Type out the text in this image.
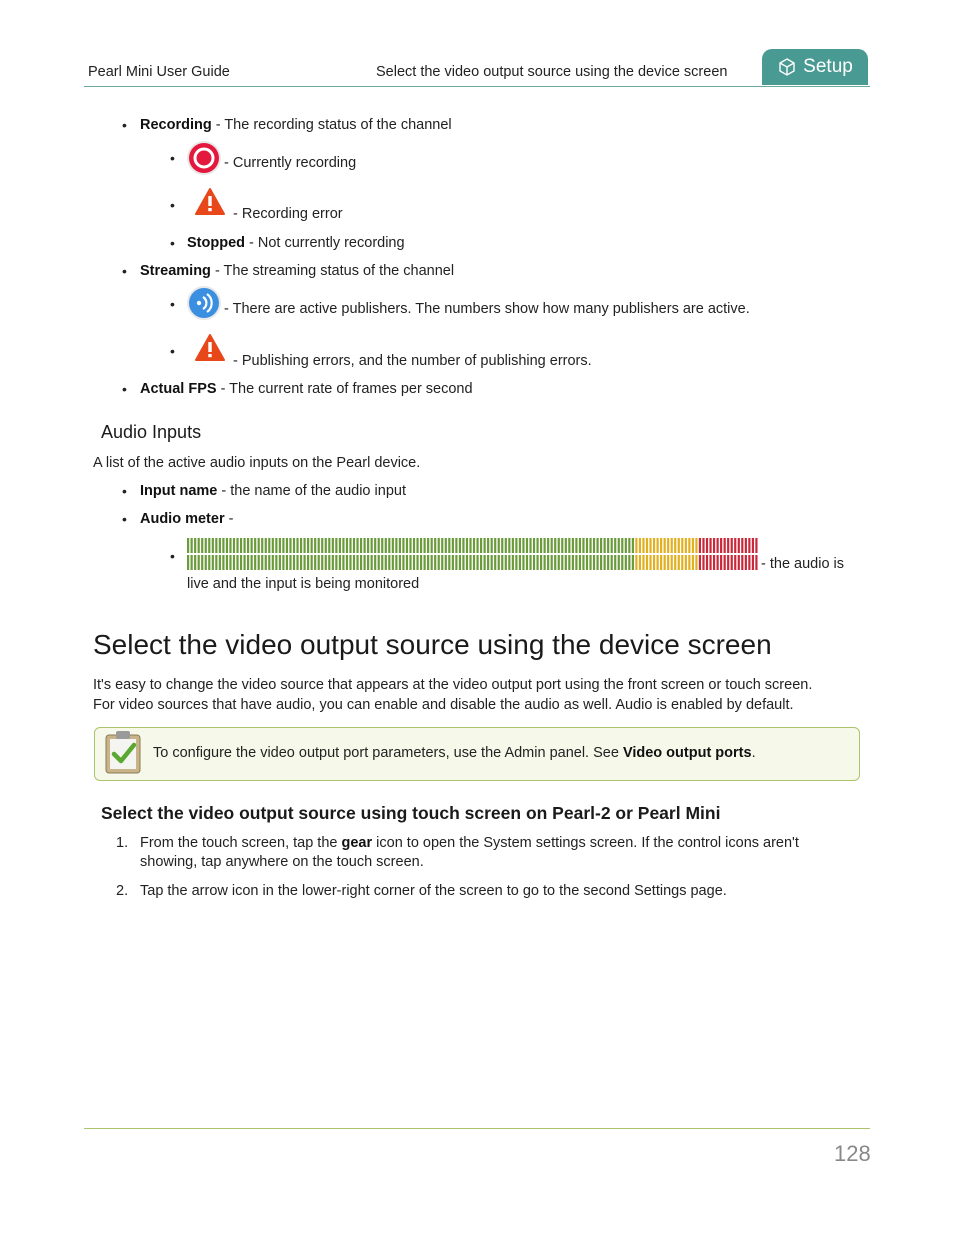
Pearl Mini User Guide	Select the video output source using the device screen	Setup
• Recording - The recording status of the channel
•	- Currently recording
•
- Recording error
• Stopped - Not currently recording
• Streaming - The streaming status of the channel
•	- There are active publishers. The numbers show how many publishers are active.
•
- Publishing errors, and the number of publishing errors.
• Actual FPS - The current rate of frames per second
Audio Inputs
A list of the active audio inputs on the Pearl device.
• Input name - the name of the audio input
• Audio meter -
•	- the audio is
live and the input is being monitored
Select the video output source using the device screen
It's easy to change the video source that appears at the video output port using the front screen or touch screen.
For video sources that have audio, you can enable and disable the audio as well. Audio is enabled by default.
To configure the video output port parameters, use the Admin panel. See Video output ports.
Select the video output source using touch screen on Pearl-2 or Pearl Mini
1. From the touch screen, tap the gear icon to open the System settings screen. If the control icons aren't
showing, tap anywhere on the touch screen.
2. Tap the arrow icon in the lower-right corner of the screen to go to the second Settings page.
128
